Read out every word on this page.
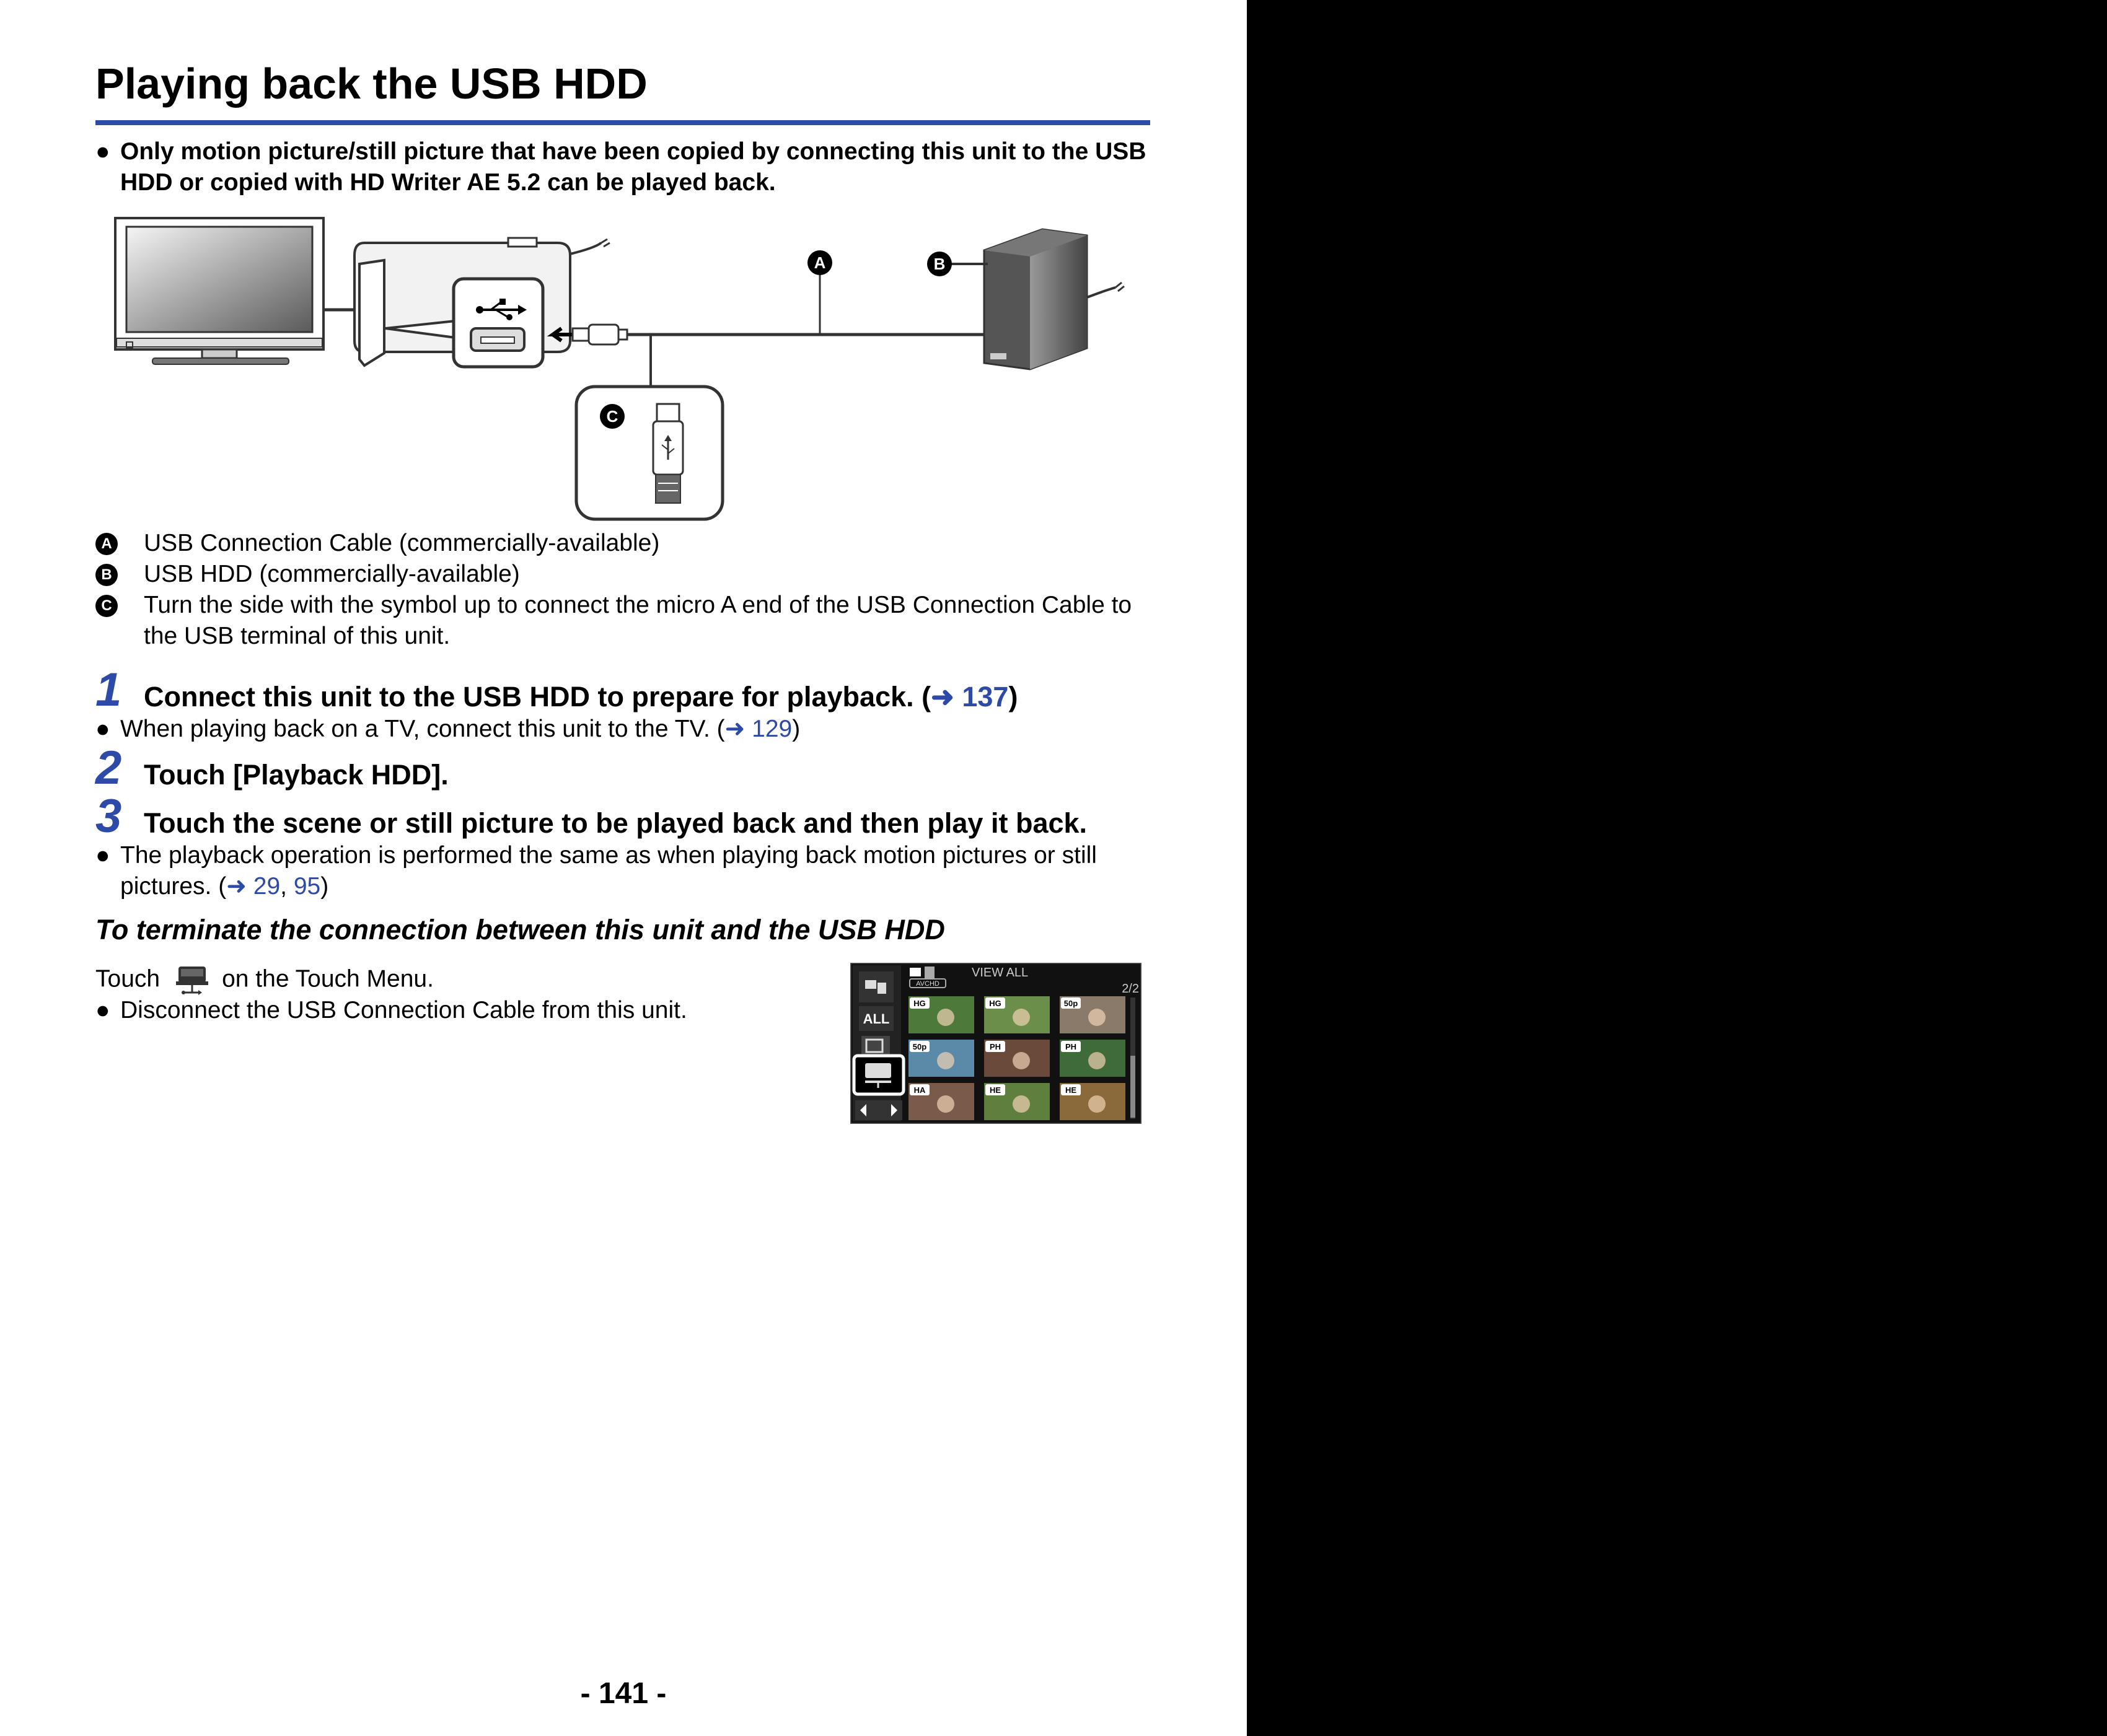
Playing back the USB HDD
● Only motion picture/still picture that have been copied by connecting this unit to the USB HDD or copied with HD Writer AE 5.2 can be played back.
A	B
C
A USB Connection Cable (commercially-available)
B USB HDD (commercially-available)
C Turn the side with the symbol up to connect the micro A end of the USB Connection Cable to the USB terminal of this unit.
1 Connect this unit to the USB HDD to prepare for playback. (➜ 137)
● When playing back on a TV, connect this unit to the TV. (➜ 129)
2 Touch [Playback HDD].
3 Touch the scene or still picture to be played back and then play it back.
● The playback operation is performed the same as when playing back motion pictures or still pictures. (➜ 29, 95)
To terminate the connection between this unit and the USB HDD
Touch	on the Touch Menu.
● Disconnect the USB Connection Cable from this unit.	ALL
AVCHD
VIEW ALL
2/2
HG	HG	50p
50p	PH	PH
HA	HE	HE
- 141 -
